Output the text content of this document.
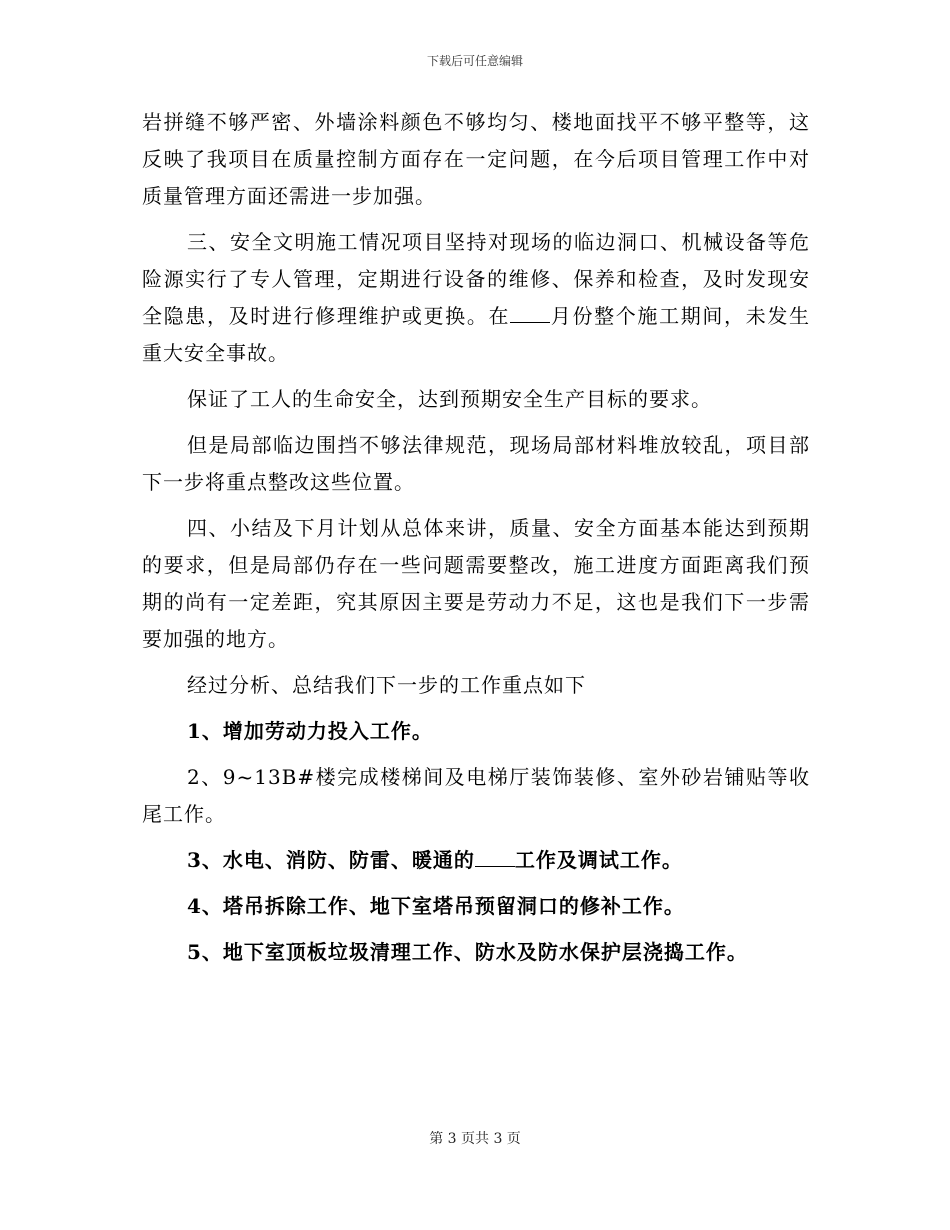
下载后可任意编辑

岩拼缝不够严密、外墙涂料颜色不够均匀、楼地面找平不够平整等，这反映了我项目在质量控制方面存在一定问题，在今后项目管理工作中对质量管理方面还需进一步加强。

三、安全文明施工情况项目坚持对现场的临边洞口、机械设备等危险源实行了专人管理，定期进行设备的维修、保养和检查，及时发现安全隐患，及时进行修理维护或更换。在 月份整个施工期间，未发生重大安全事故。

保证了工人的生命安全，达到预期安全生产目标的要求。

但是局部临边围挡不够法律规范，现场局部材料堆放较乱，项目部下一步将重点整改这些位置。

四、小结及下月计划从总体来讲，质量、安全方面基本能达到预期的要求，但是局部仍存在一些问题需要整改，施工进度方面距离我们预期的尚有一定差距，究其原因主要是劳动力不足，这也是我们下一步需要加强的地方。

经过分析、总结我们下一步的工作重点如下

1、增加劳动力投入工作。

2、9~13B#楼完成楼梯间及电梯厅装饰装修、室外砂岩铺贴等收尾工作。

3、水电、消防、防雷、暖通的 工作及调试工作。

4、塔吊拆除工作、地下室塔吊预留洞口的修补工作。

5、地下室顶板垃圾清理工作、防水及防水保护层浇捣工作。

第 3 页共 3 页
